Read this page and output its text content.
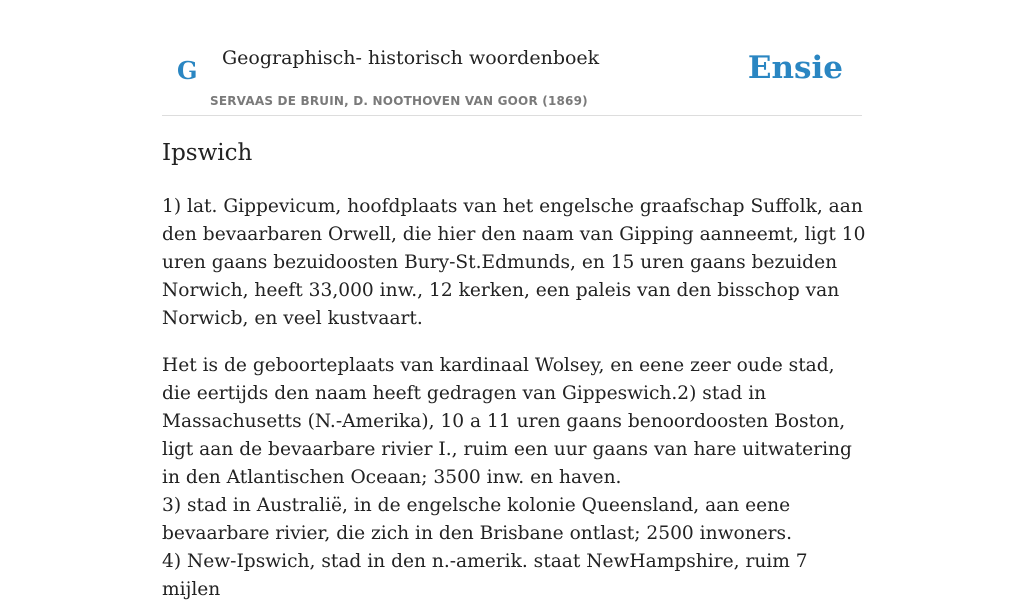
G Geographisch- historisch woordenboek
SERVAAS DE BRUIN, D. NOOTHOVEN VAN GOOR (1869)
Ensie
Ipswich

1) lat. Gippevicum, hoofdplaats van het engelsche graafschap Suffolk, aan den bevaarbaren Orwell, die hier den naam van Gipping aanneemt, ligt 10 uren gaans bezuidoosten Bury-St.Edmunds, en 15 uren gaans bezuiden Norwich, heeft 33,000 inw., 12 kerken, een paleis van den bisschop van Norwicb, en veel kustvaart.

Het is de geboorteplaats van kardinaal Wolsey, en eene zeer oude stad, die eertijds den naam heeft gedragen van Gippeswich.2) stad in Massachusetts (N.-Amerika), 10 a 11 uren gaans benoordoosten Boston, ligt aan de bevaarbare rivier I., ruim een uur gaans van hare uitwatering in den Atlantischen Oceaan; 3500 inw. en haven.
3) stad in Australië, in de engelsche kolonie Queensland, aan eene bevaarbare rivier, die zich in den Brisbane ontlast; 2500 inwoners.
4) New-Ipswich, stad in den n.-amerik. staat NewHampshire, ruim 7 mijlen
